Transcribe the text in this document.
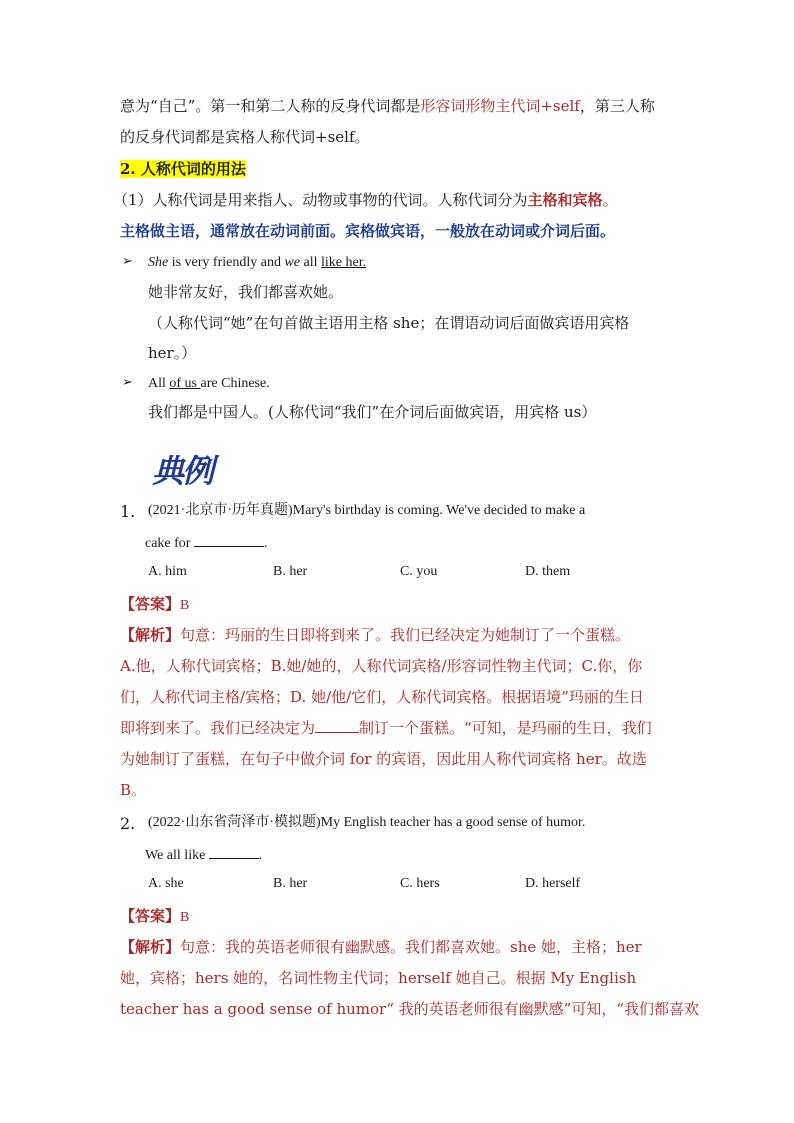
意为“自己”。第一和第二人称的反身代词都是形容词形物主代词+self，第三人称
的反身代词都是宾格人称代词+self。
2. 人称代词的用法
（1）人称代词是用来指人、动物或事物的代词。人称代词分为主格和宾格。
主格做主语，通常放在动词前面。宾格做宾语，一般放在动词或介词后面。
➢ She is very friendly and we all like her.
她非常友好，我们都喜欢她。
（人称代词“她”在句首做主语用主格 she；在谓语动词后面做宾语用宾格
her。）
➢ All of us are Chinese.
我们都是中国人。(人称代词“我们”在介词后面做宾语，用宾格 us）
典例
1. (2021·北京市·历年真题)Mary's birthday is coming. We've decided to make a
cake for	.
A. him	B. her	C. you	D. them
【答案】B
【解析】句意：玛丽的生日即将到来了。我们已经决定为她制订了一个蛋糕。
A.他，人称代词宾格；B.她/她的，人称代词宾格/形容词性物主代词；C.你，你
们，人称代词主格/宾格；D. 她/他/它们，人称代词宾格。根据语境”玛丽的生日
即将到来了。我们已经决定为	制订一个蛋糕。“可知，是玛丽的生日，我们
为她制订了蛋糕，在句子中做介词 for 的宾语，因此用人称代词宾格 her。故选
B。
2. (2022·山东省菏泽市·模拟题)My English teacher has a good sense of humor.
We all like	.
A. she	B. her	C. hers	D. herself
【答案】B
【解析】句意：我的英语老师很有幽默感。我们都喜欢她。she 她，主格；her
她，宾格；hers 她的，名词性物主代词；herself 她自己。根据 My English
teacher has a good sense of humor“ 我的英语老师很有幽默感”可知，“我们都喜欢
